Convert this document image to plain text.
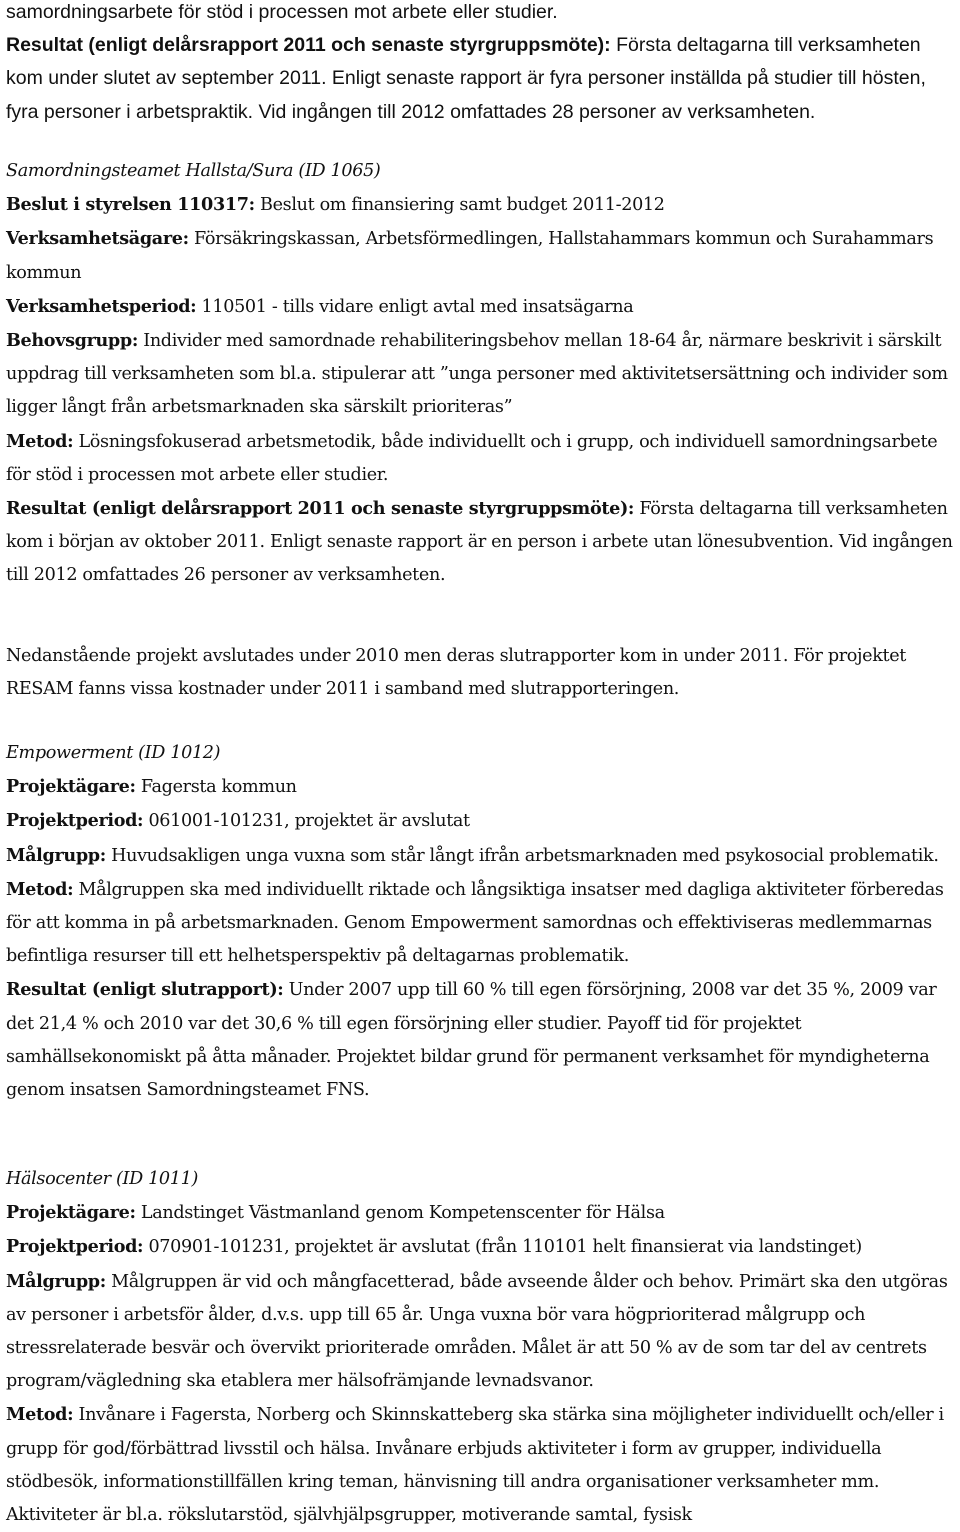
samordningsarbete för stöd i processen mot arbete eller studier.

Resultat (enligt delårsrapport 2011 och senaste styrgruppsmöte): Första deltagarna till verksamheten kom under slutet av september 2011. Enligt senaste rapport är fyra personer inställda på studier till hösten, fyra personer i arbetspraktik. Vid ingången till 2012 omfattades 28 personer av verksamheten.

Samordningsteamet Hallsta/Sura (ID 1065)

Beslut i styrelsen 110317: Beslut om finansiering samt budget 2011-2012

Verksamhetsägare: Försäkringskassan, Arbetsförmedlingen, Hallstahammars kommun och Surahammars kommun

Verksamhetsperiod: 110501 - tills vidare enligt avtal med insatsägarna

Behovsgrupp: Individer med samordnade rehabiliteringsbehov mellan 18-64 år, närmare beskrivit i särskilt uppdrag till verksamheten som bl.a. stipulerar att ”unga personer med aktivitetsersättning och individer som ligger långt från arbetsmarknaden ska särskilt prioriteras”

Metod: Lösningsfokuserad arbetsmetodik, både individuellt och i grupp, och individuell samordningsarbete för stöd i processen mot arbete eller studier.

Resultat (enligt delårsrapport 2011 och senaste styrgruppsmöte): Första deltagarna till verksamheten kom i början av oktober 2011. Enligt senaste rapport är en person i arbete utan lönesubvention. Vid ingången till 2012 omfattades 26 personer av verksamheten.

Nedanstående projekt avslutades under 2010 men deras slutrapporter kom in under 2011. För projektet RESAM fanns vissa kostnader under 2011 i samband med slutrapporteringen.

Empowerment (ID 1012)

Projektägare: Fagersta kommun

Projektperiod: 061001-101231, projektet är avslutat

Målgrupp: Huvudsakligen unga vuxna som står långt ifrån arbetsmarknaden med psykosocial problematik.

Metod: Målgruppen ska med individuellt riktade och långsiktiga insatser med dagliga aktiviteter förberedas för att komma in på arbetsmarknaden. Genom Empowerment samordnas och effektiviseras medlemmarnas befintliga resurser till ett helhetsperspektiv på deltagarnas problematik.

Resultat (enligt slutrapport): Under 2007 upp till 60 % till egen försörjning, 2008 var det 35 %, 2009 var det 21,4 % och 2010 var det 30,6 % till egen försörjning eller studier. Payoff tid för projektet samhällsekonomiskt på åtta månader. Projektet bildar grund för permanent verksamhet för myndigheterna genom insatsen Samordningsteamet FNS.

Hälsocenter (ID 1011)

Projektägare: Landstinget Västmanland genom Kompetenscenter för Hälsa

Projektperiod: 070901-101231, projektet är avslutat (från 110101 helt finansierat via landstinget)

Målgrupp: Målgruppen är vid och mångfacetterad, både avseende ålder och behov. Primärt ska den utgöras av personer i arbetsför ålder, d.v.s. upp till 65 år. Unga vuxna bör vara högprioriterad målgrupp och stressrelaterade besvär och övervikt prioriterade områden. Målet är att 50 % av de som tar del av centrets program/vägledning ska etablera mer hälsofrämjande levnadsvanor.

Metod: Invånare i Fagersta, Norberg och Skinnskatteberg ska stärka sina möjligheter individuellt och/eller i grupp för god/förbättrad livsstil och hälsa. Invånare erbjuds aktiviteter i form av grupper, individuella stödbesök, informationstillfällen kring teman, hänvisning till andra organisationer verksamheter mm. Aktiviteter är bl.a. rökslutarstöd, självhjälpsgrupper, motiverande samtal, fysisk
